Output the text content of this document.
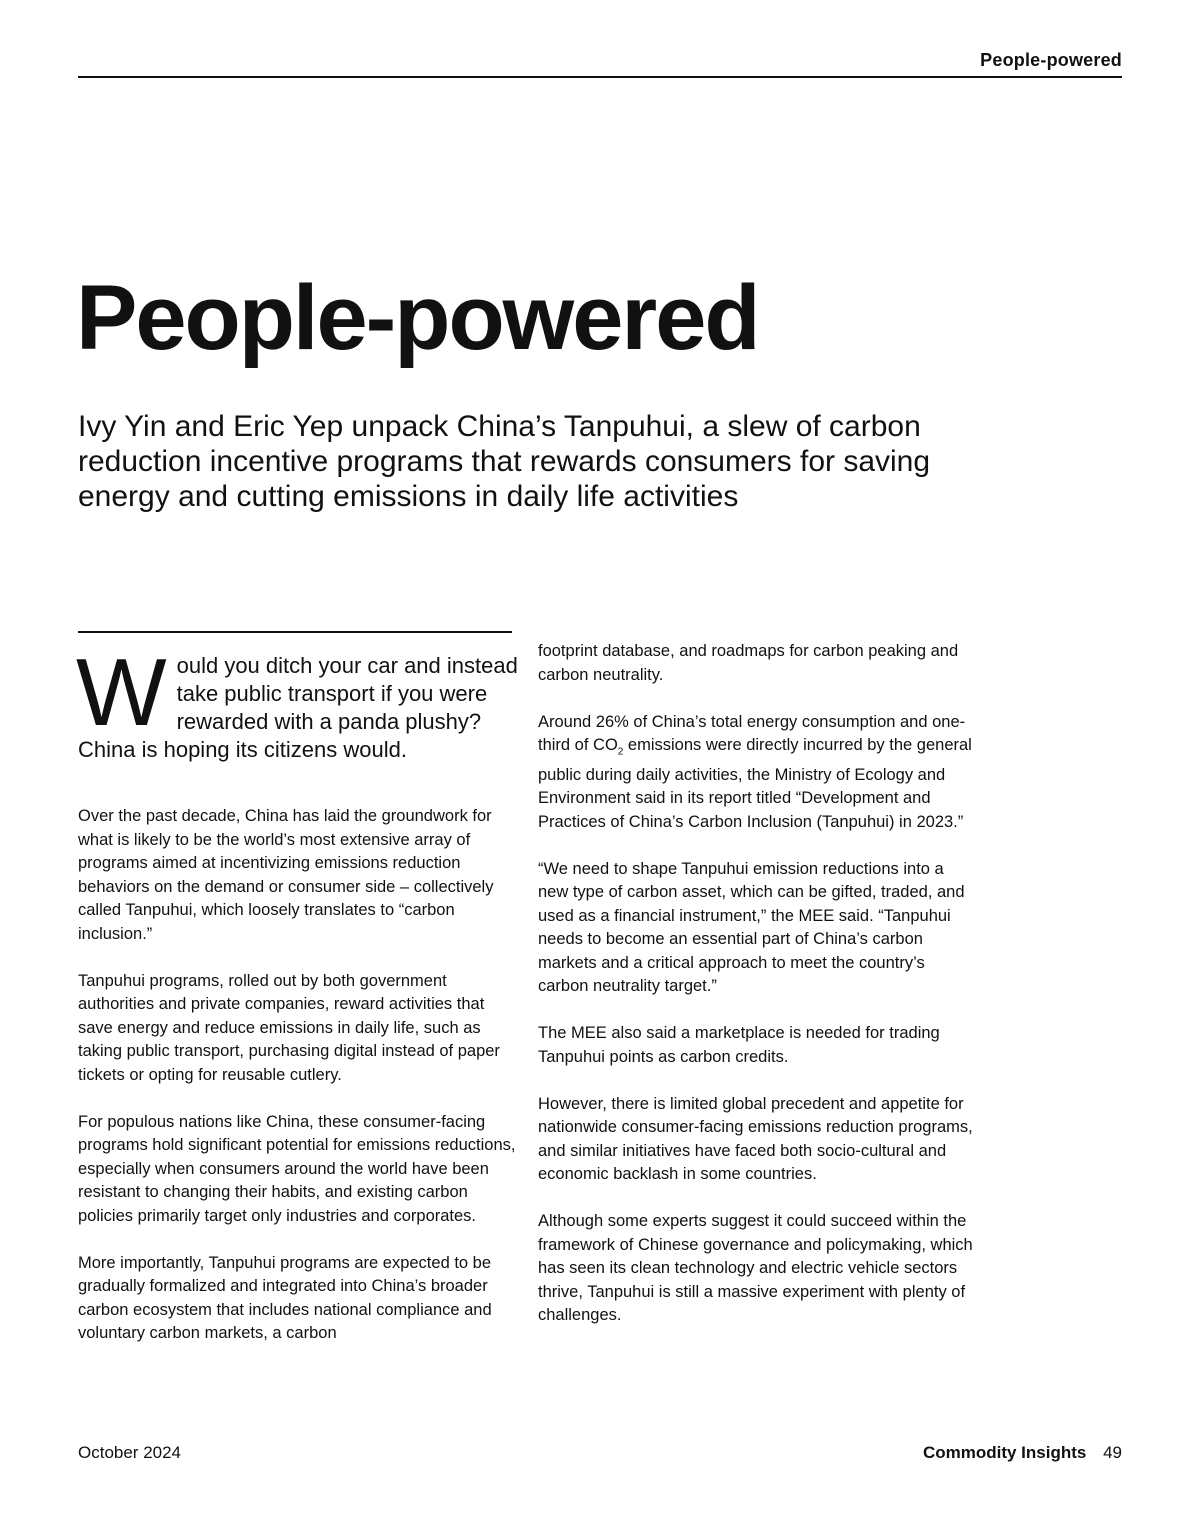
People-powered
People-powered
Ivy Yin and Eric Yep unpack China’s Tanpuhui, a slew of carbon reduction incentive programs that rewards consumers for saving energy and cutting emissions in daily life activities
W ould you ditch your car and instead take public transport if you were rewarded with a panda plushy? China is hoping its citizens would.

Over the past decade, China has laid the groundwork for what is likely to be the world’s most extensive array of programs aimed at incentivizing emissions reduction behaviors on the demand or consumer side – collectively called Tanpuhui, which loosely translates to “carbon inclusion.”

Tanpuhui programs, rolled out by both government authorities and private companies, reward activities that save energy and reduce emissions in daily life, such as taking public transport, purchasing digital instead of paper tickets or opting for reusable cutlery.

For populous nations like China, these consumer-facing programs hold significant potential for emissions reductions, especially when consumers around the world have been resistant to changing their habits, and existing carbon policies primarily target only industries and corporates.

More importantly, Tanpuhui programs are expected to be gradually formalized and integrated into China’s broader carbon ecosystem that includes national compliance and voluntary carbon markets, a carbon

footprint database, and roadmaps for carbon peaking and carbon neutrality.

Around 26% of China’s total energy consumption and one-third of $CO_2$ emissions were directly incurred by the general public during daily activities, the Ministry of Ecology and Environment said in its report titled “Development and Practices of China’s Carbon Inclusion (Tanpuhui) in 2023.”

“We need to shape Tanpuhui emission reductions into a new type of carbon asset, which can be gifted, traded, and used as a financial instrument,” the MEE said. “Tanpuhui needs to become an essential part of China’s carbon markets and a critical approach to meet the country’s carbon neutrality target.”

The MEE also said a marketplace is needed for trading Tanpuhui points as carbon credits.

However, there is limited global precedent and appetite for nationwide consumer-facing emissions reduction programs, and similar initiatives have faced both socio-cultural and economic backlash in some countries.

Although some experts suggest it could succeed within the framework of Chinese governance and policymaking, which has seen its clean technology and electric vehicle sectors thrive, Tanpuhui is still a massive experiment with plenty of challenges.

October 2024	Commodity Insights 49
